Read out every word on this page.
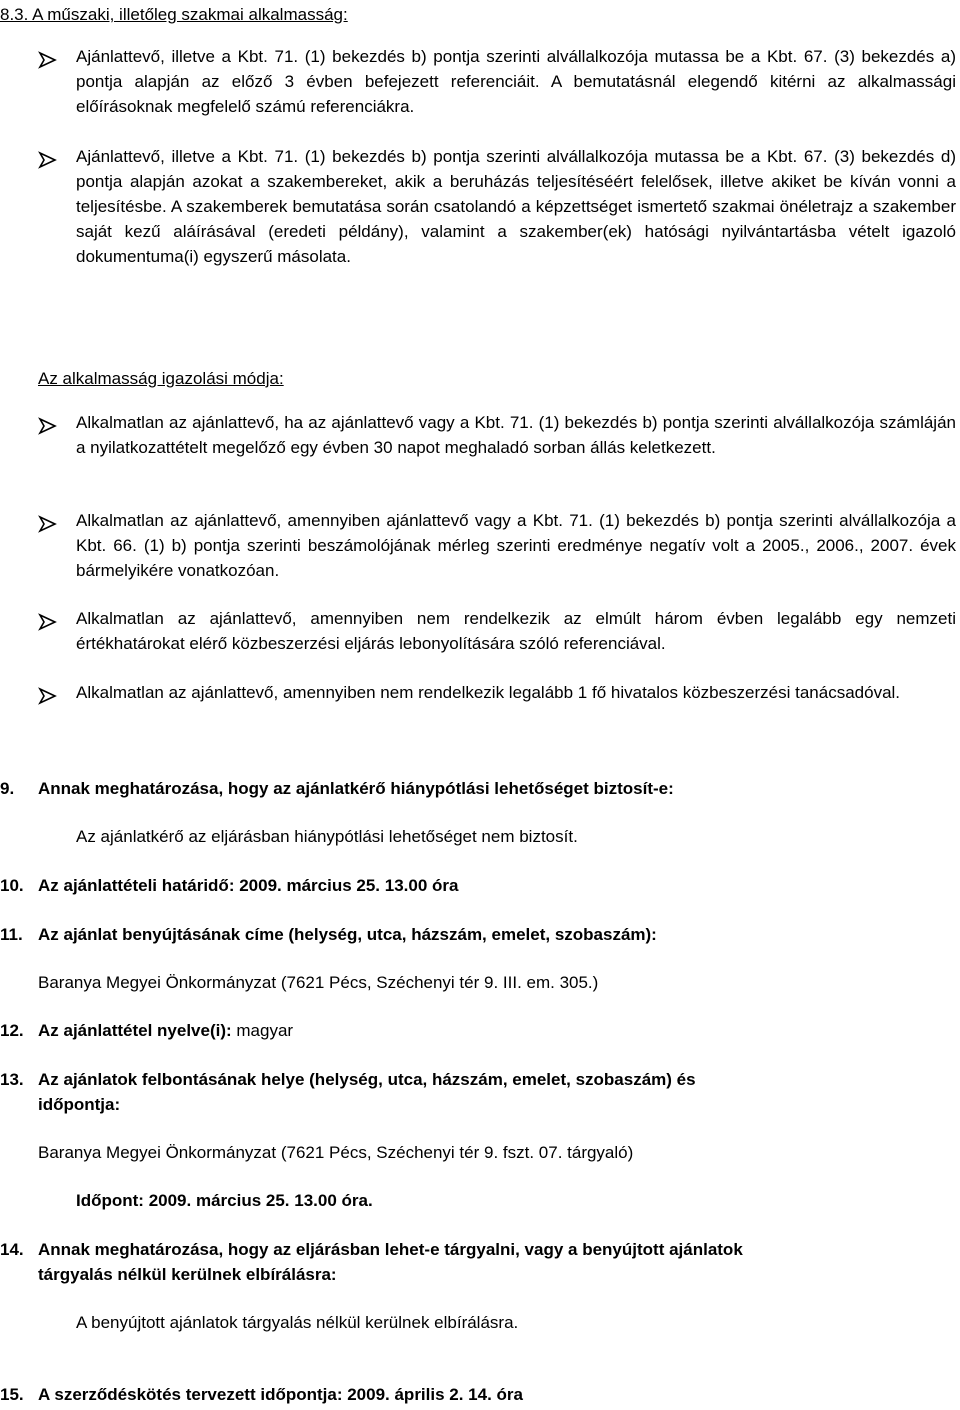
8.3. A műszaki, illetőleg szakmai alkalmasság:
Ajánlattevő, illetve a Kbt. 71. (1) bekezdés b) pontja szerinti alvállalkozója mutassa be a Kbt. 67. (3) bekezdés a) pontja alapján az előző 3 évben befejezett referenciáit. A bemutatásnál elegendő kitérni az alkalmassági előírásoknak megfelelő számú referenciákra.
Ajánlattevő, illetve a Kbt. 71. (1) bekezdés b) pontja szerinti alvállalkozója mutassa be a Kbt. 67. (3) bekezdés d) pontja alapján azokat a szakembereket, akik a beruházás teljesítéséért felelősek, illetve akiket be kíván vonni a teljesítésbe. A szakemberek bemutatása során csatolandó a képzettséget ismertető szakmai önéletrajz a szakember saját kezű aláírásával (eredeti példány), valamint a szakember(ek) hatósági nyilvántartásba vételt igazoló dokumentuma(i) egyszerű másolata.
Az alkalmasság igazolási módja:
Alkalmatlan az ajánlattevő, ha az ajánlattevő vagy a Kbt. 71. (1) bekezdés b) pontja szerinti alvállalkozója számláján a nyilatkozattételt megelőző egy évben 30 napot meghaladó sorban állás keletkezett.
Alkalmatlan az ajánlattevő, amennyiben ajánlattevő vagy a Kbt. 71. (1) bekezdés b) pontja szerinti alvállalkozója a Kbt. 66. (1) b) pontja szerinti beszámolójának mérleg szerinti eredménye negatív volt a 2005., 2006., 2007. évek bármelyikére vonatkozóan.
Alkalmatlan az ajánlattevő, amennyiben nem rendelkezik az elmúlt három évben legalább egy nemzeti értékhatárokat elérő közbeszerzési eljárás lebonyolítására szóló referenciával.
Alkalmatlan az ajánlattevő, amennyiben nem rendelkezik legalább 1 fő hivatalos közbeszerzési tanácsadóval.
9. Annak meghatározása, hogy az ajánlatkérő hiánypótlási lehetőséget biztosít-e:
Az ajánlatkérő az eljárásban hiánypótlási lehetőséget nem biztosít.
10. Az ajánlattételi határidő: 2009. március 25. 13.00 óra
11. Az ajánlat benyújtásának címe (helység, utca, házszám, emelet, szobaszám):
Baranya Megyei Önkormányzat (7621 Pécs, Széchenyi tér 9. III. em. 305.)
12. Az ajánlattétel nyelve(i): magyar
13. Az ajánlatok felbontásának helye (helység, utca, házszám, emelet, szobaszám) és
időpontja:
Baranya Megyei Önkormányzat (7621 Pécs, Széchenyi tér 9. fszt. 07. tárgyaló)
Időpont: 2009. március 25. 13.00 óra.
14. Annak meghatározása, hogy az eljárásban lehet-e tárgyalni, vagy a benyújtott ajánlatok
tárgyalás nélkül kerülnek elbírálásra:
A benyújtott ajánlatok tárgyalás nélkül kerülnek elbírálásra.
15. A szerződéskötés tervezett időpontja: 2009. április 2. 14. óra
